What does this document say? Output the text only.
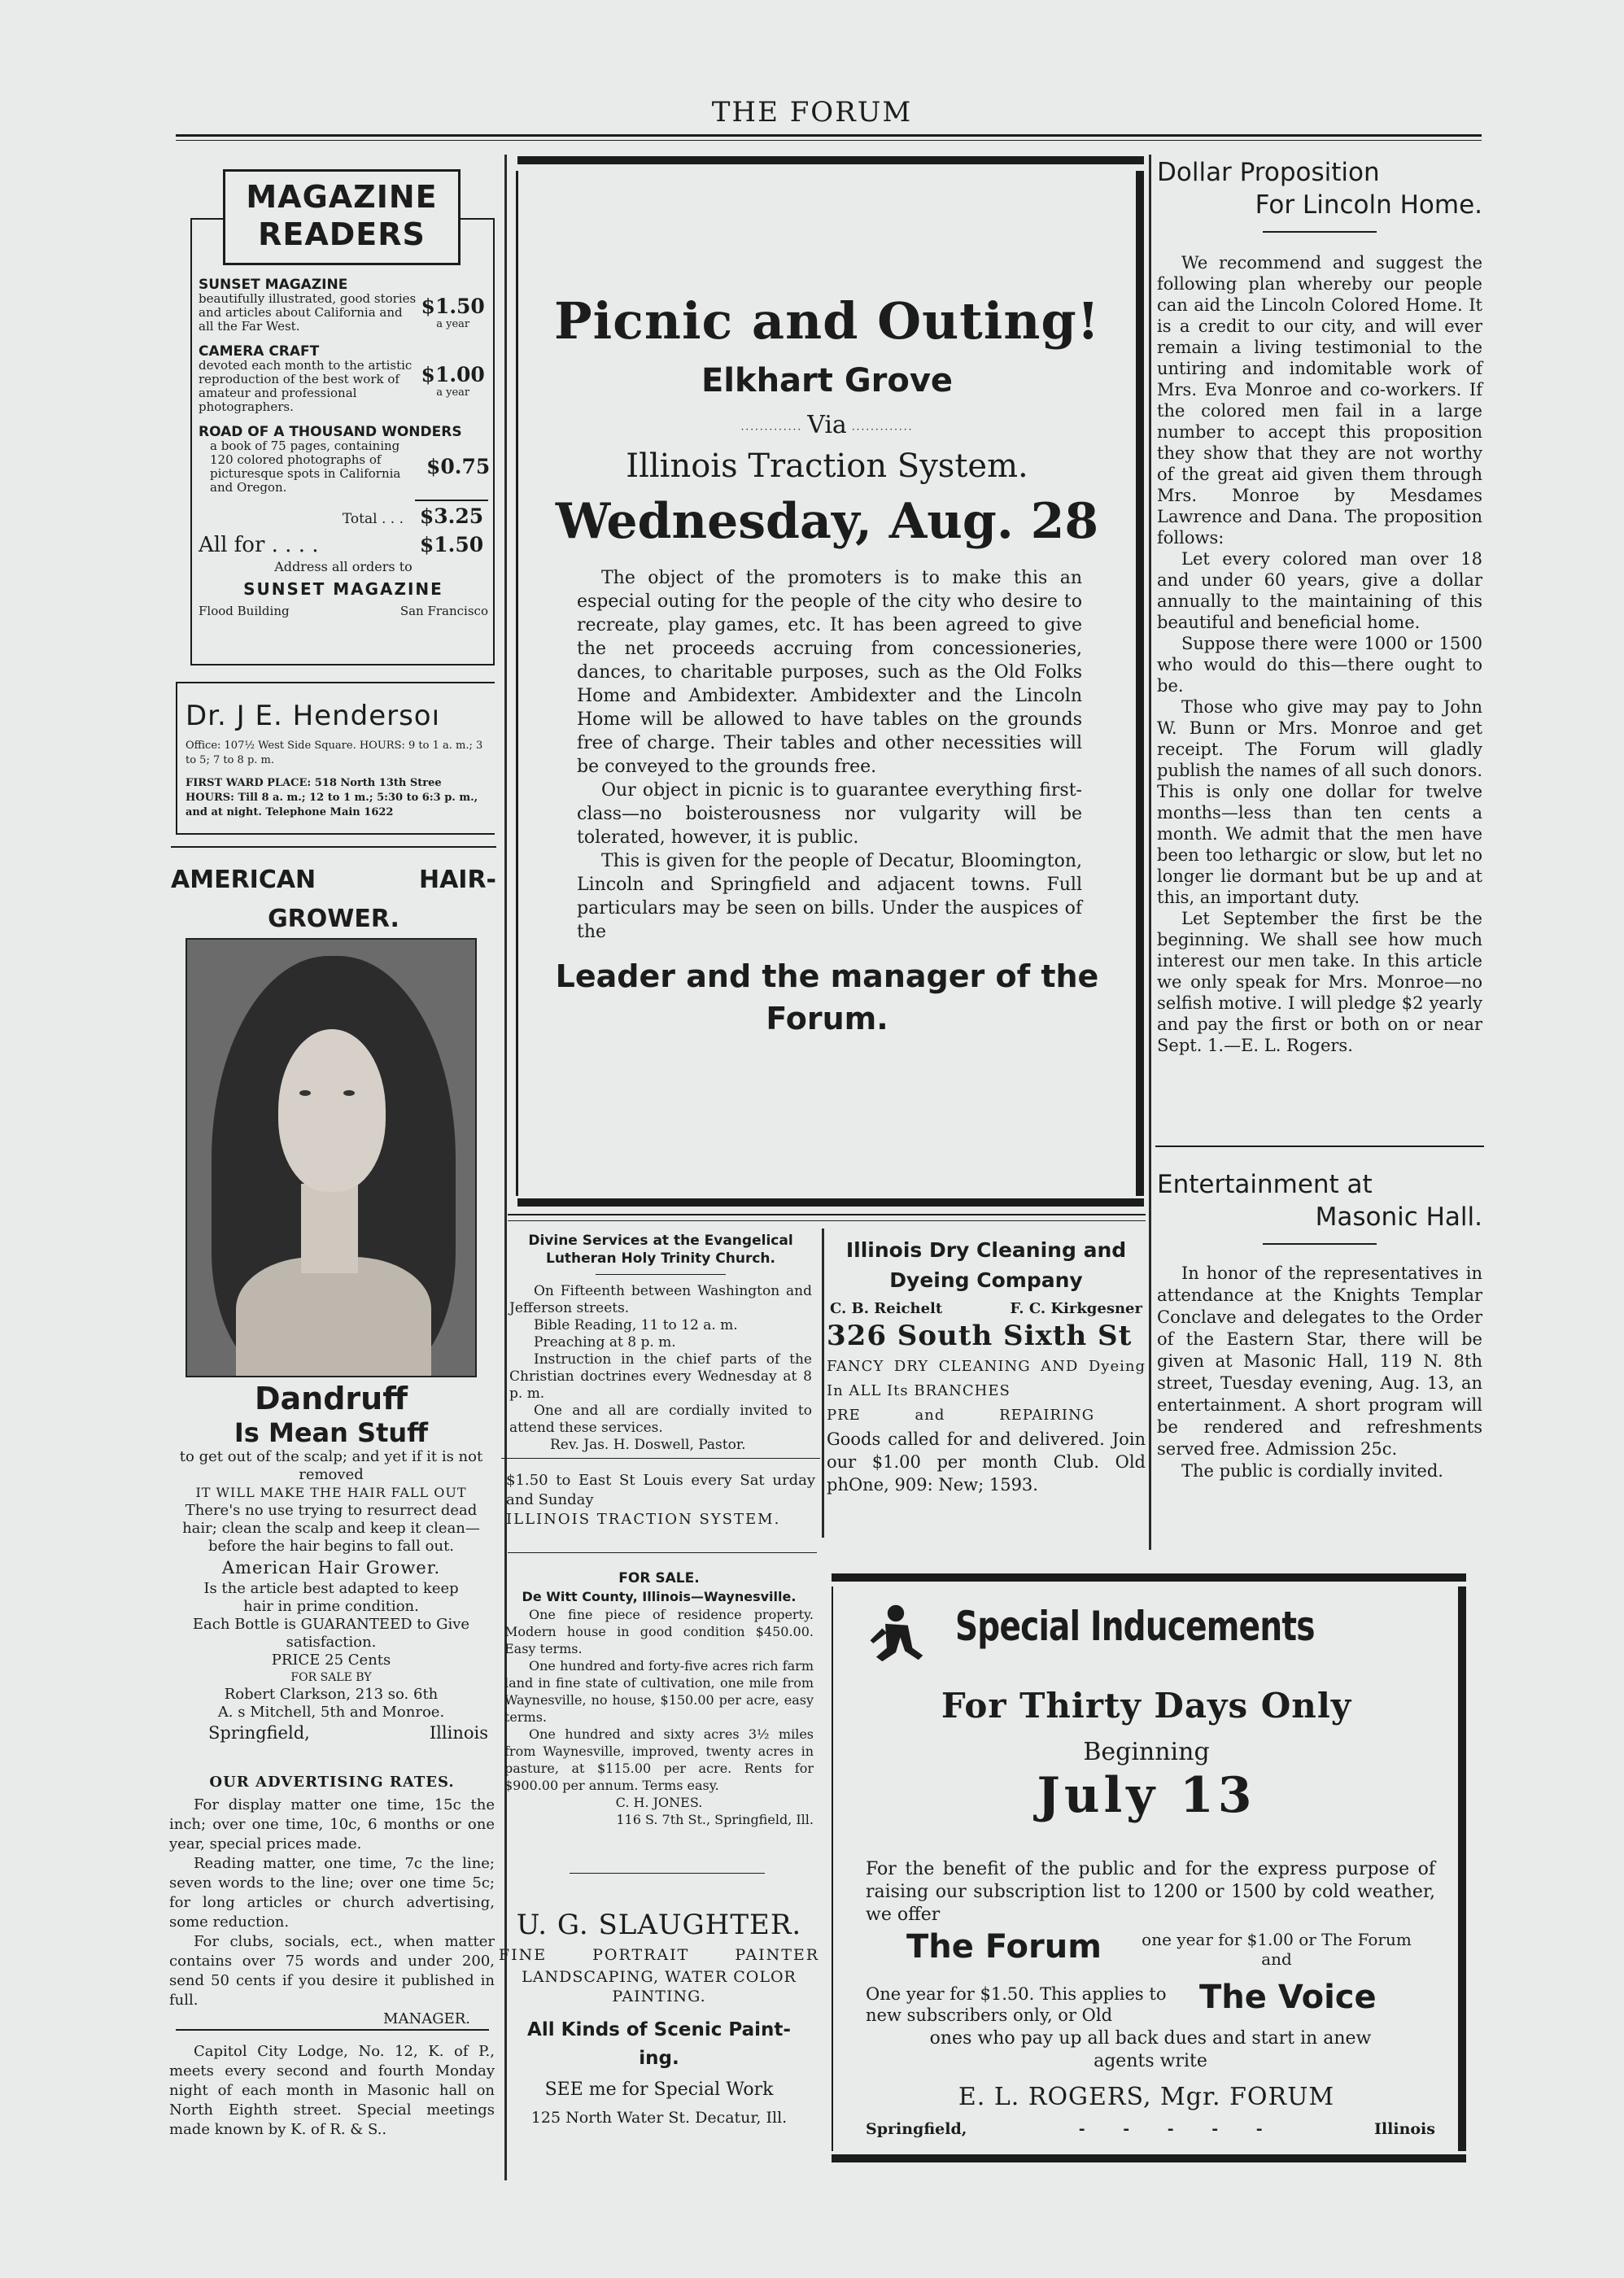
THE FORUM
MAGAZINE
READERS
SUNSET MAGAZINE
beautifully illustrated, good stories and articles about California and all the Far West.
$1.50
a year
CAMERA CRAFT
devoted each month to the artistic reproduction of the best work of amateur and professional photographers.
$1.00
a year
ROAD OF A THOUSAND WONDERS
a book of 75 pages, containing 120 colored photographs of picturesque spots in California and Oregon.
$0.75
Total . . . $3.25
All for . . . .	$1.50
Address all orders to
SUNSET MAGAZINE
Flood Building	San Francisco
Dr. J E. Hendersoı
Office: 107½ West Side Square. HOURS: 9 to 1 a. m.; 3 to 5; 7 to 8 p. m.
FIRST WARD PLACE: 518 North 13th Stree HOURS: Till 8 a. m.; 12 to 1 m.; 5:30 to 6:3 p. m., and at night. Telephone Main 1622
AMERICAN HAIR-
GROWER.
Dandruff
Is Mean Stuff
to get out of the scalp; and yet if it is not removed
IT WILL MAKE THE HAIR FALL OUT
There's no use trying to resurrect dead hair; clean the scalp and keep it clean—before the hair begins to fall out.
American Hair Grower.
Is the article best adapted to keep hair in prime condition.
Each Bottle is GUARANTEED to Give satisfaction.
PRICE 25 Cents
FOR SALE BY
Robert Clarkson, 213 so. 6th
A. s Mitchell, 5th and Monroe.
Springfield,	Illinois
OUR ADVERTISING RATES.

For display matter one time, 15c the inch; over one time, 10c, 6 months or one year, special prices made.

Reading matter, one time, 7c the line; seven words to the line; over one time 5c; for long articles or church advertising, some reduction.

For clubs, socials, ect., when matter contains over 75 words and under 200, send 50 cents if you desire it published in full.

MANAGER.

Capitol City Lodge, No. 12, K. of P., meets every second and fourth Monday night of each month in Masonic hall on North Eighth street. Special meetings made known by K. of R. & S..

Picnic and Outing!
Elkhart Grove
············· Via ·············
Illinois Traction System.
Wednesday, Aug. 28

The object of the promoters is to make this an especial outing for the people of the city who desire to recreate, play games, etc. It has been agreed to give the net proceeds accruing from concessioneries, dances, to charitable purposes, such as the Old Folks Home and Ambidexter. Ambidexter and the Lincoln Home will be allowed to have tables on the grounds free of charge. Their tables and other necessities will be conveyed to the grounds free.

Our object in picnic is to guarantee everything first-class—no boisterousness nor vulgarity will be tolerated, however, it is public.

This is given for the people of Decatur, Bloomington, Lincoln and Springfield and adjacent towns. Full particulars may be seen on bills. Under the auspices of the

Leader and the manager of the
Forum.
Divine Services at the Evangelical
Lutheran Holy Trinity Church.

On Fifteenth between Washington and Jefferson streets.

Bible Reading, 11 to 12 a. m.

Preaching at 8 p. m.

Instruction in the chief parts of the Christian doctrines every Wednesday at 8 p. m.

One and all are cordially invited to attend these services.

Rev. Jas. H. Doswell, Pastor.
$1.50 to East St Louis every Sat urday and Sunday
ILLINOIS TRACTION SYSTEM.
Illinois Dry Cleaning and
Dyeing Company
C. B. Reichelt	F. C. Kirkgesner
326 South Sixth St
FANCY DRY CLEANING AND Dyeing In ALL Its BRANCHES
PRE and REPAIRING
Goods called for and delivered. Join our $1.00 per month Club. Old phOne, 909: New; 1593.
FOR SALE.
De Witt County, Illinois—Waynesville.

One fine piece of residence property. Modern house in good condition $450.00. Easy terms.

One hundred and forty-five acres rich farm land in fine state of cultivation, one mile from Waynesville, no house, $150.00 per acre, easy terms.

One hundred and sixty acres 3½ miles from Waynesville, improved, twenty acres in pasture, at $115.00 per acre. Rents for $900.00 per annum. Terms easy.

C. H. JONES.
116 S. 7th St., Springfield, Ill.
U. G. SLAUGHTER.
FINE PORTRAIT PAINTER
LANDSCAPING, WATER COLOR PAINTING.
All Kinds of Scenic Paint-
ing.
SEE me for Special Work
125 North Water St. Decatur, Ill.
Dollar Proposition
For Lincoln Home.

We recommend and suggest the following plan whereby our people can aid the Lincoln Colored Home. It is a credit to our city, and will ever remain a living testimonial to the untiring and indomitable work of Mrs. Eva Monroe and co-workers. If the colored men fail in a large number to accept this proposition they show that they are not worthy of the great aid given them through Mrs. Monroe by Mesdames Lawrence and Dana. The proposition follows:

Let every colored man over 18 and under 60 years, give a dollar annually to the maintaining of this beautiful and beneficial home.

Suppose there were 1000 or 1500 who would do this—there ought to be.

Those who give may pay to John W. Bunn or Mrs. Monroe and get receipt. The Forum will gladly publish the names of all such donors. This is only one dollar for twelve months—less than ten cents a month. We admit that the men have been too lethargic or slow, but let no longer lie dormant but be up and at this, an important duty.

Let September the first be the beginning. We shall see how much interest our men take. In this article we only speak for Mrs. Monroe—no selfish motive. I will pledge $2 yearly and pay the first or both on or near Sept. 1.—E. L. Rogers.

Entertainment at
Masonic Hall.

In honor of the representatives in attendance at the Knights Templar Conclave and delegates to the Order of the Eastern Star, there will be given at Masonic Hall, 119 N. 8th street, Tuesday evening, Aug. 13, an entertainment. A short program will be rendered and refreshments served free. Admission 25c.

The public is cordially invited.

Special Inducements
For Thirty Days Only
Beginning
July 13
For the benefit of the public and for the express purpose of raising our subscription list to 1200 or 1500 by cold weather, we offer
The Forum	one year for $1.00 or The Forum and
One year for $1.50. This applies to new subscribers only, or Old	The Voice
ones who pay up all back dues and start in anew agents write
E. L. ROGERS, Mgr. FORUM
Springfield,	- - - - -	Illinois
